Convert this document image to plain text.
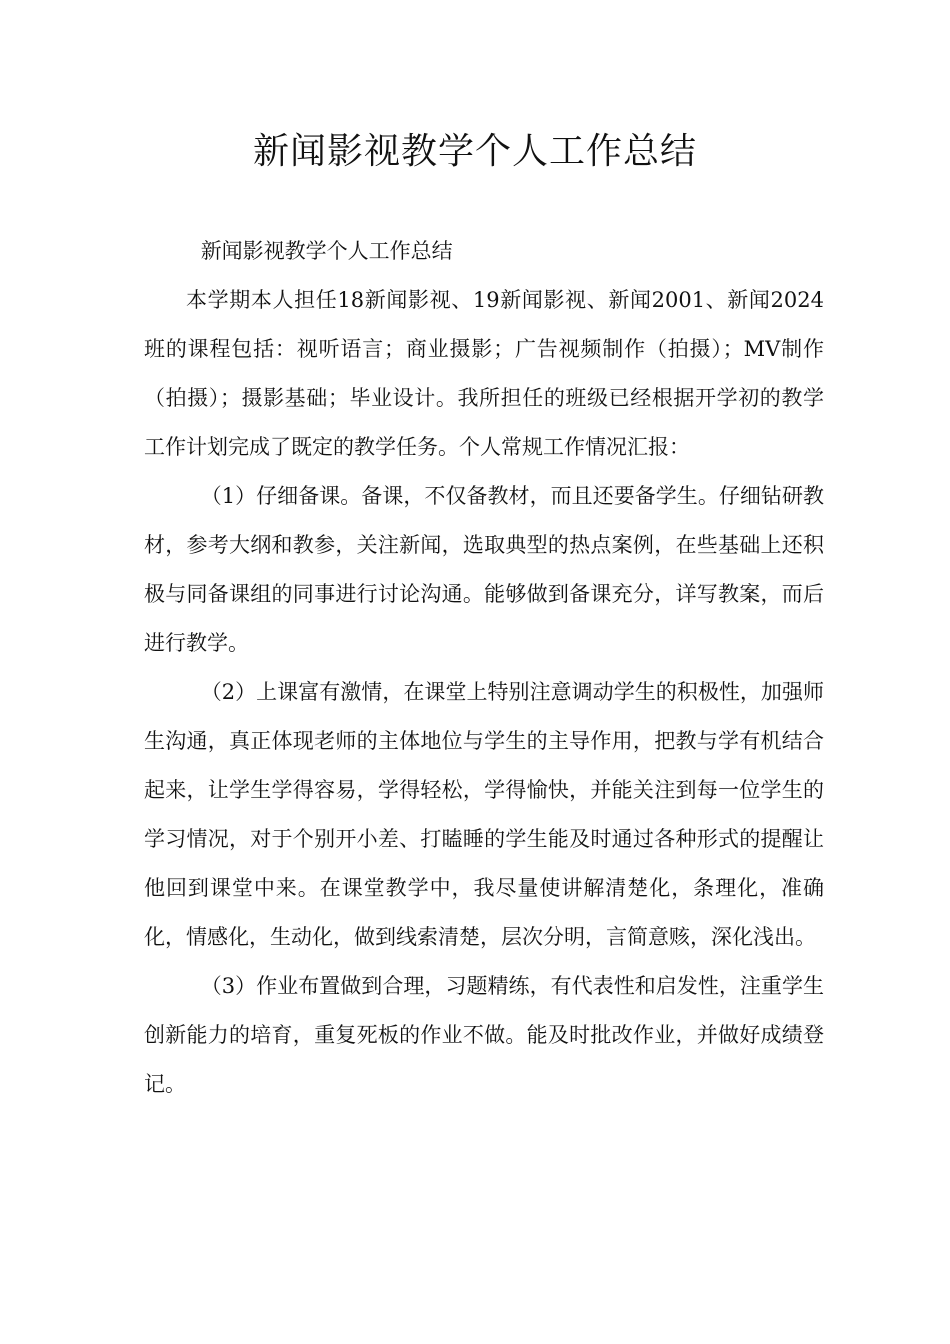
新闻影视教学个人工作总结

新闻影视教学个人工作总结

本学期本人担任18新闻影视、19新闻影视、新闻2001、新闻2024班的课程包括：视听语言；商业摄影；广告视频制作（拍摄）；MV制作（拍摄）；摄影基础；毕业设计。我所担任的班级已经根据开学初的教学工作计划完成了既定的教学任务。个人常规工作情况汇报：

（1）仔细备课。备课，不仅备教材，而且还要备学生。仔细钻研教材，参考大纲和教参，关注新闻，选取典型的热点案例，在些基础上还积极与同备课组的同事进行讨论沟通。能够做到备课充分，详写教案，而后进行教学。

（2）上课富有激情，在课堂上特别注意调动学生的积极性，加强师生沟通，真正体现老师的主体地位与学生的主导作用，把教与学有机结合起来，让学生学得容易，学得轻松，学得愉快，并能关注到每一位学生的学习情况，对于个别开小差、打瞌睡的学生能及时通过各种形式的提醒让他回到课堂中来。在课堂教学中，我尽量使讲解清楚化，条理化，准确化，情感化，生动化，做到线索清楚，层次分明，言简意赅，深化浅出。

（3）作业布置做到合理，习题精练，有代表性和启发性，注重学生创新能力的培育，重复死板的作业不做。能及时批改作业，并做好成绩登记。
